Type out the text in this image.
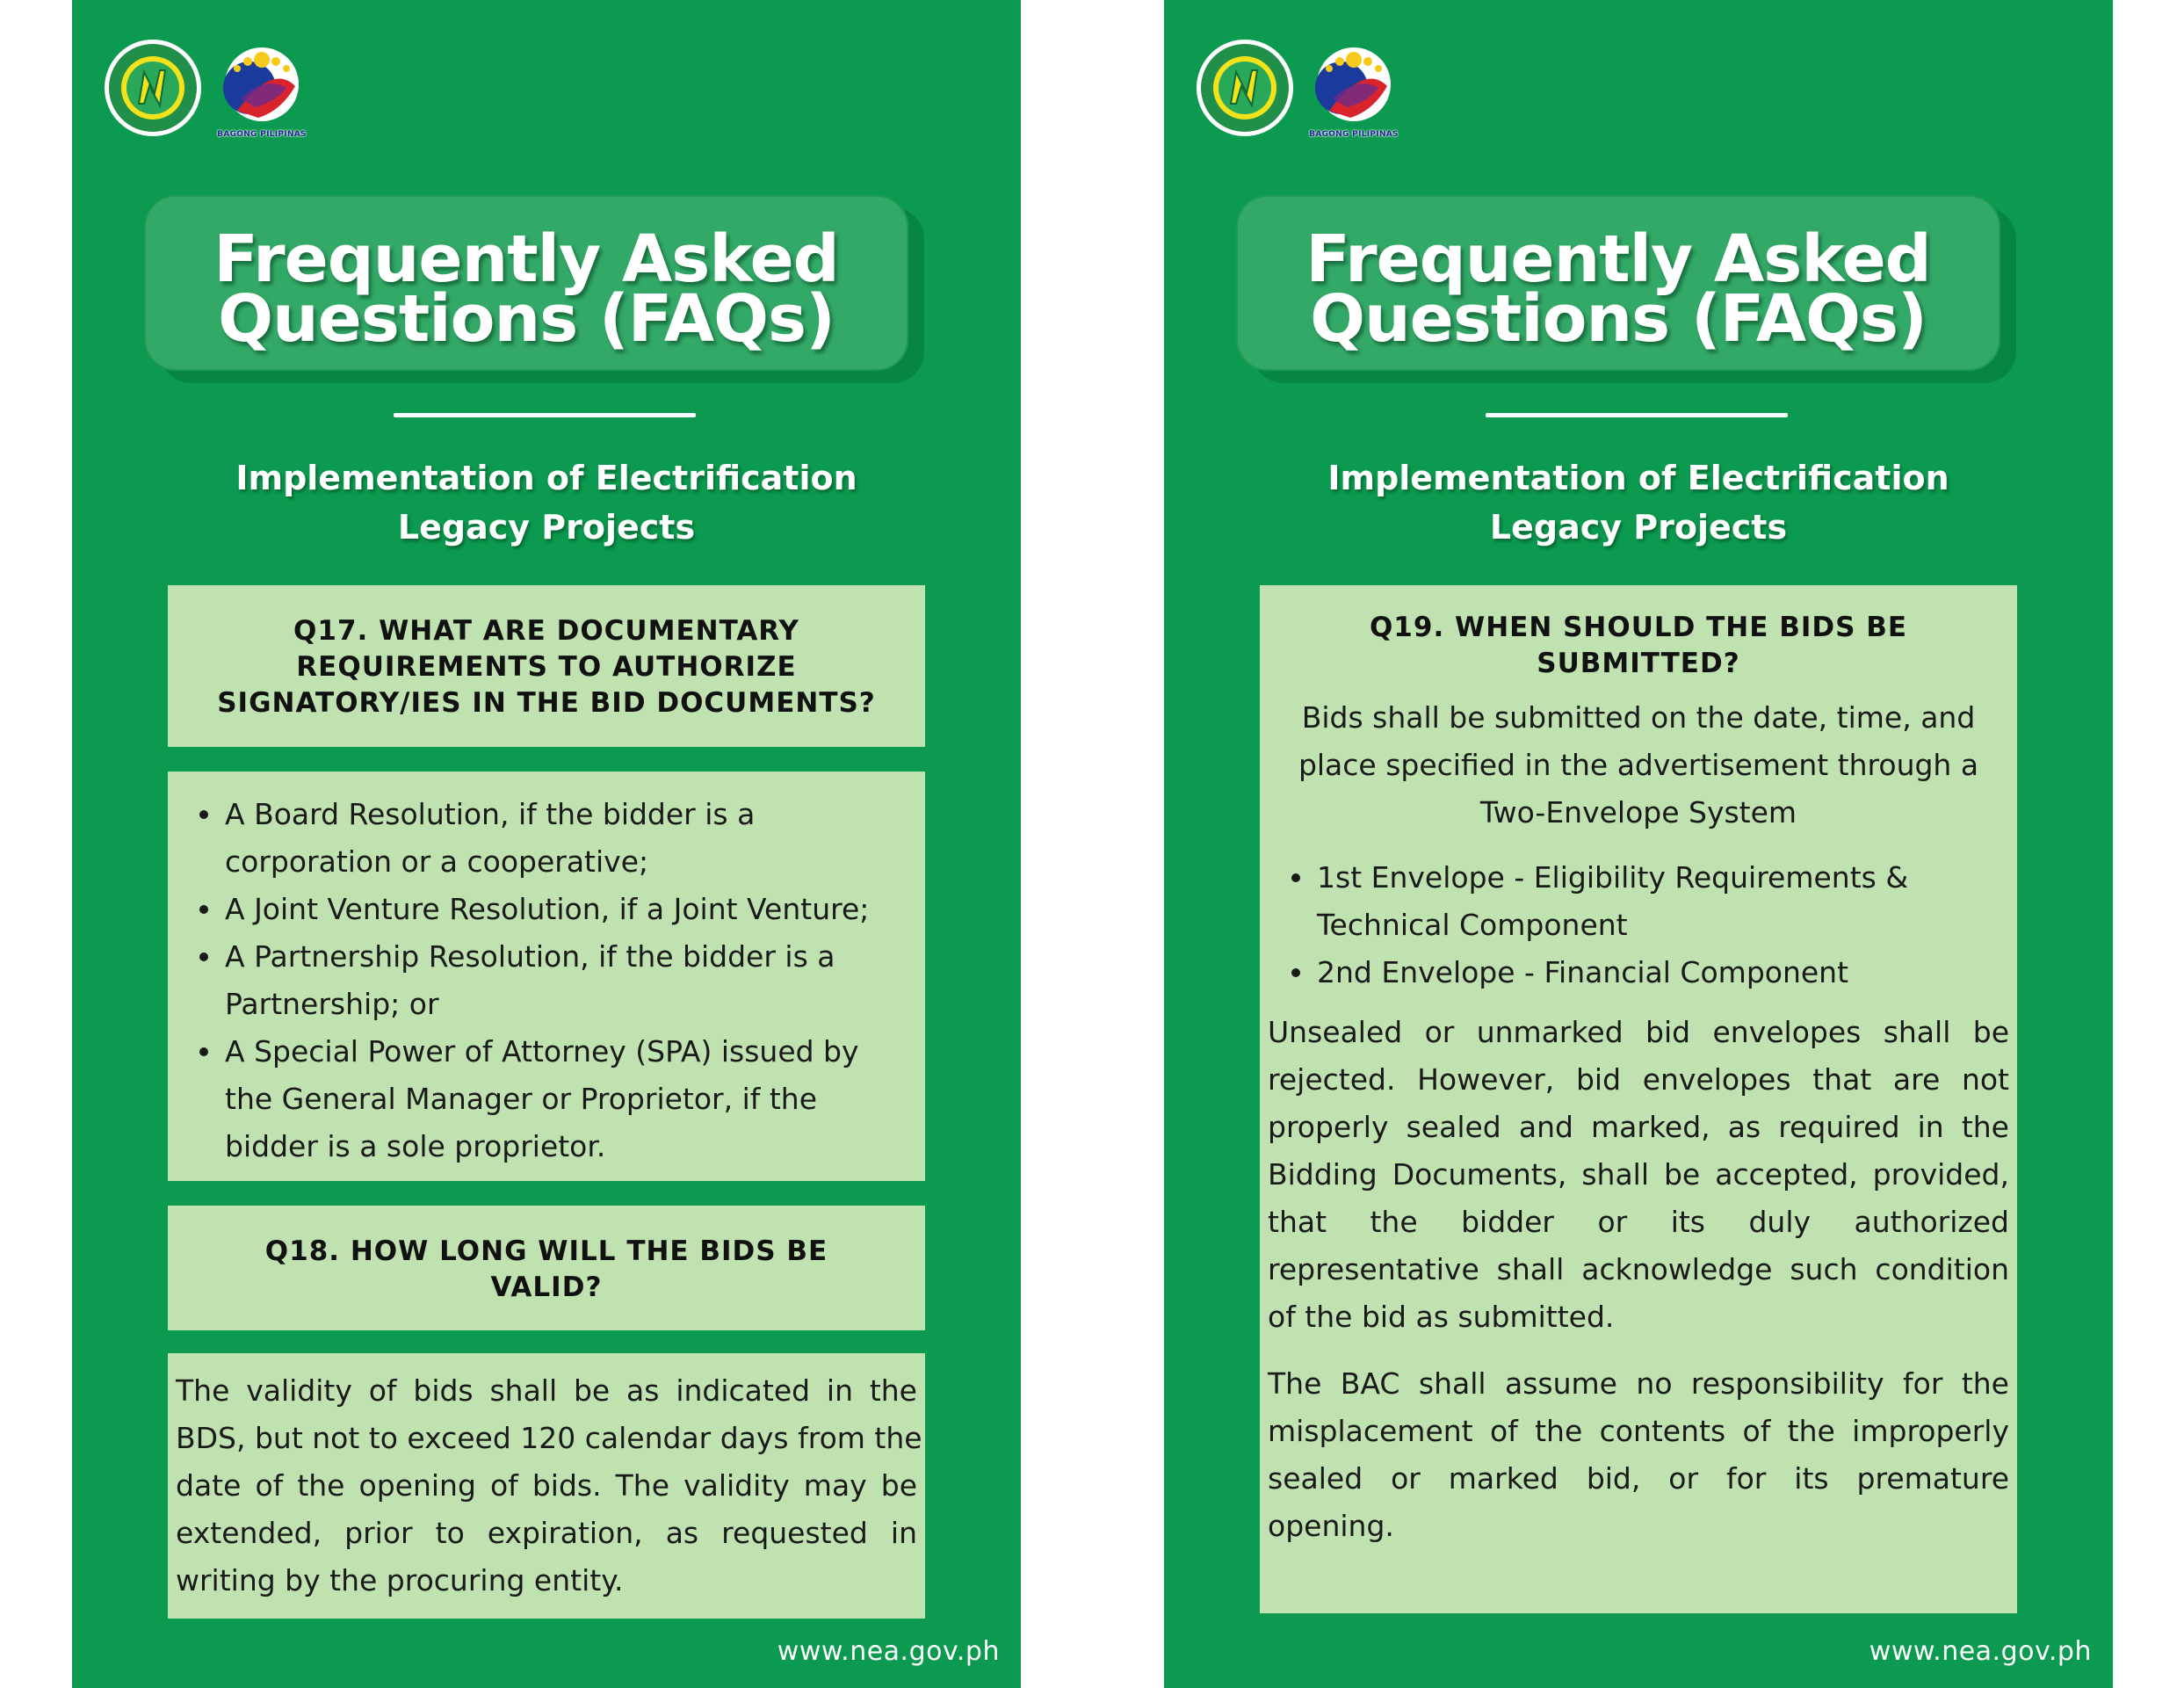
BAGONG PILIPINAS
Frequently Asked
Questions (FAQs)
Implementation of Electrification
Legacy Projects
Q17. WHAT ARE DOCUMENTARY
REQUIREMENTS TO AUTHORIZE
SIGNATORY/IES IN THE BID DOCUMENTS?
A Board Resolution, if the bidder is a
corporation or a cooperative;
A Joint Venture Resolution, if a Joint Venture;
A Partnership Resolution, if the bidder is a
Partnership; or
A Special Power of Attorney (SPA) issued by
the General Manager or Proprietor, if the
bidder is a sole proprietor.
Q18. HOW LONG WILL THE BIDS BE
VALID?
The validity of bids shall be as indicated in the
BDS, but not to exceed 120 calendar days from the
date of the opening of bids. The validity may be
extended, prior to expiration, as requested in
writing by the procuring entity.
www.nea.gov.ph
BAGONG PILIPINAS
Frequently Asked
Questions (FAQs)
Implementation of Electrification
Legacy Projects
Q19. WHEN SHOULD THE BIDS BE
SUBMITTED?
Bids shall be submitted on the date, time, and
place specified in the advertisement through a
Two-Envelope System
1st Envelope - Eligibility Requirements &
Technical Component
2nd Envelope - Financial Component
Unsealed or unmarked bid envelopes shall be
rejected. However, bid envelopes that are not
properly sealed and marked, as required in the
Bidding Documents, shall be accepted, provided,
that the bidder or its duly authorized
representative shall acknowledge such condition
of the bid as submitted.
The BAC shall assume no responsibility for the
misplacement of the contents of the improperly
sealed or marked bid, or for its premature
opening.
www.nea.gov.ph
